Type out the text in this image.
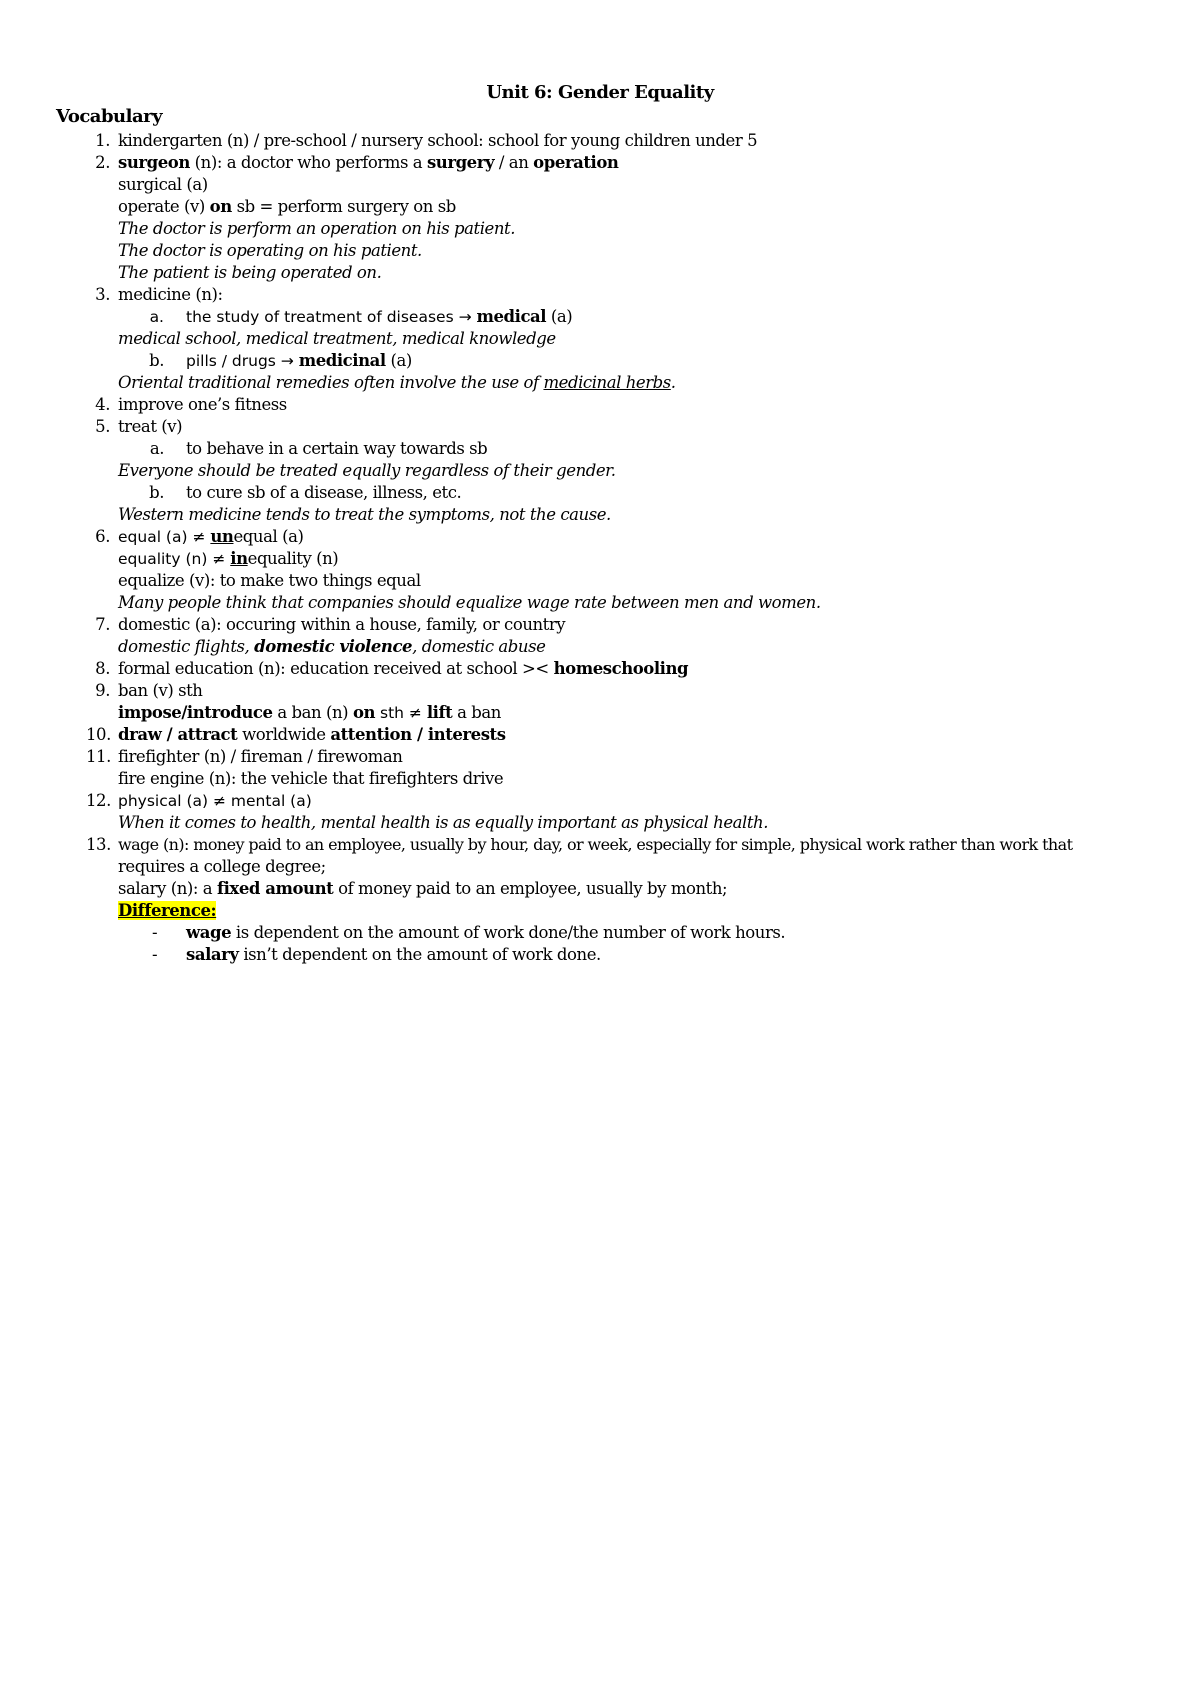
Unit 6: Gender Equality
Vocabulary
1. kindergarten (n) / pre-school / nursery school: school for young children under 5
2. surgeon (n): a doctor who performs a surgery / an operation
surgical (a)
operate (v) on sb = perform surgery on sb
The doctor is perform an operation on his patient.
The doctor is operating on his patient.
The patient is being operated on.
3. medicine (n):
a. the study of treatment of diseases → medical (a)
medical school, medical treatment, medical knowledge
b. pills / drugs → medicinal (a)
Oriental traditional remedies often involve the use of medicinal herbs.
4. improve one’s fitness
5. treat (v)
a. to behave in a certain way towards sb
Everyone should be treated equally regardless of their gender.
b. to cure sb of a disease, illness, etc.
Western medicine tends to treat the symptoms, not the cause.
6. equal (a) ≠ unequal (a)
equality (n) ≠ inequality (n)
equalize (v): to make two things equal
Many people think that companies should equalize wage rate between men and women.
7. domestic (a): occuring within a house, family, or country
domestic flights, domestic violence, domestic abuse
8. formal education (n): education received at school >< homeschooling
9. ban (v) sth
impose/introduce a ban (n) on sth ≠ lift a ban
10. draw / attract worldwide attention / interests
11. firefighter (n) / fireman / firewoman
fire engine (n): the vehicle that firefighters drive
12. physical (a) ≠ mental (a)
When it comes to health, mental health is as equally important as physical health.
13. wage (n): money paid to an employee, usually by hour, day, or week, especially for simple, physical work rather than work that
requires a college degree;
salary (n): a fixed amount of money paid to an employee, usually by month;
Difference:
- wage is dependent on the amount of work done/the number of work hours.
- salary isn’t dependent on the amount of work done.
